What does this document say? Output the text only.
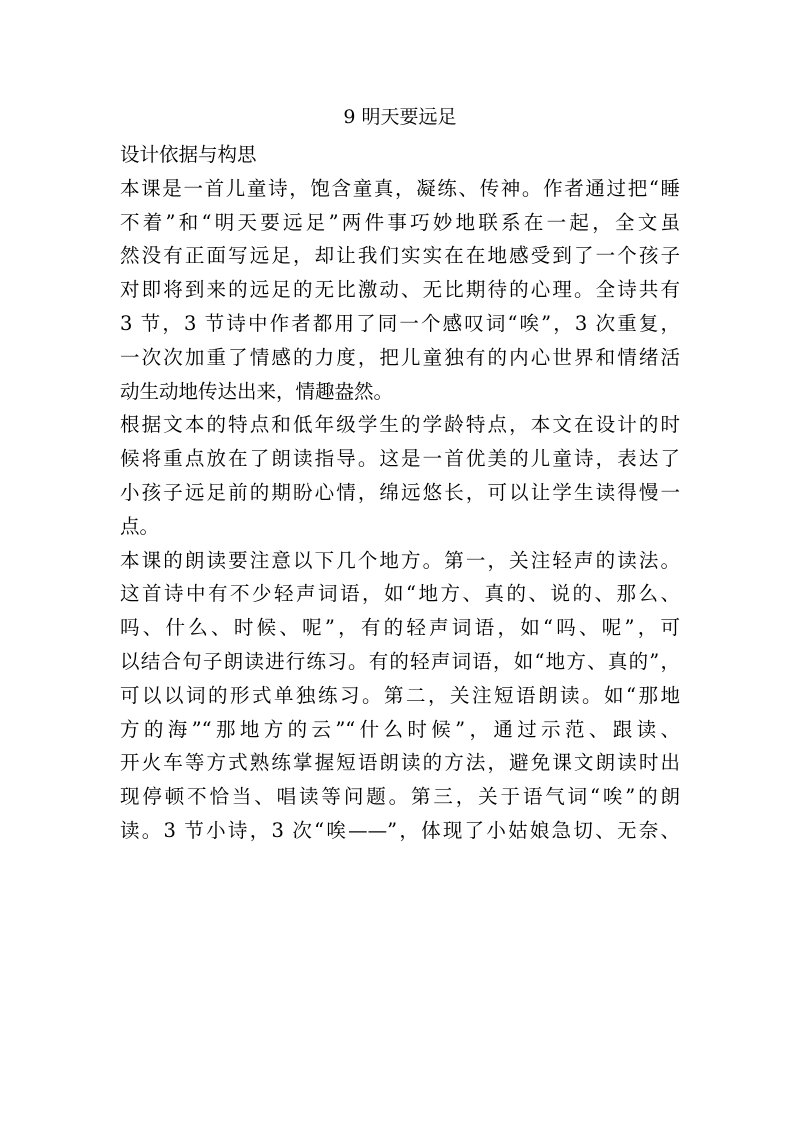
9 明天要远足

设计依据与构思

本课是一首儿童诗，饱含童真，凝练、传神。作者通过把“睡

不着”和“明天要远足”两件事巧妙地联系在一起，全文虽

然没有正面写远足，却让我们实实在在地感受到了一个孩子

对即将到来的远足的无比激动、无比期待的心理。全诗共有

3 节，3 节诗中作者都用了同一个感叹词“唉”，3 次重复，

一次次加重了情感的力度，把儿童独有的内心世界和情绪活

动生动地传达出来，情趣盎然。

根据文本的特点和低年级学生的学龄特点，本文在设计的时

候将重点放在了朗读指导。这是一首优美的儿童诗，表达了

小孩子远足前的期盼心情，绵远悠长，可以让学生读得慢一

点。

本课的朗读要注意以下几个地方。第一，关注轻声的读法。

这首诗中有不少轻声词语，如“地方、真的、说的、那么、

吗、什么、时候、呢”，有的轻声词语，如“吗、呢”，可

以结合句子朗读进行练习。有的轻声词语，如“地方、真的”，

可以以词的形式单独练习。第二，关注短语朗读。如“那地

方的海”“那地方的云”“什么时候”，通过示范、跟读、

开火车等方式熟练掌握短语朗读的方法，避免课文朗读时出

现停顿不恰当、唱读等问题。第三，关于语气词“唉”的朗

读。3 节小诗，3 次“唉——”，体现了小姑娘急切、无奈、
